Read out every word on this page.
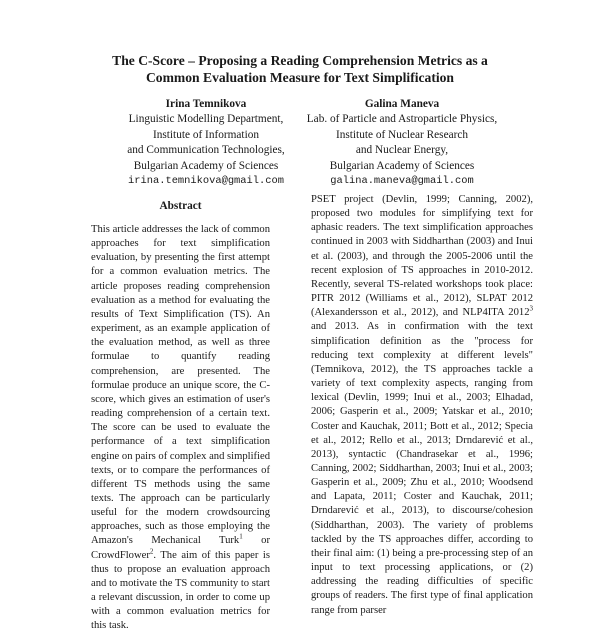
The C-Score – Proposing a Reading Comprehension Metrics as a
Common Evaluation Measure for Text Simplification
Irina Temnikova
Linguistic Modelling Department,
Institute of Information
and Communication Technologies,
Bulgarian Academy of Sciences
irina.temnikova@gmail.com
Galina Maneva
Lab. of Particle and Astroparticle Physics,
Institute of Nuclear Research
and Nuclear Energy,
Bulgarian Academy of Sciences
galina.maneva@gmail.com
Abstract

This article addresses the lack of common approaches for text simplification evaluation, by presenting the first attempt for a common evaluation metrics. The article proposes reading comprehension evaluation as a method for evaluating the results of Text Simplification (TS). An experiment, as an example application of the evaluation method, as well as three formulae to quantify reading comprehension, are presented. The formulae produce an unique score, the C-score, which gives an estimation of user's reading comprehension of a certain text. The score can be used to evaluate the performance of a text simplification engine on pairs of complex and simplified texts, or to compare the performances of different TS methods using the same texts. The approach can be particularly useful for the modern crowdsourcing approaches, such as those employing the Amazon's Mechanical Turk$^1$ or CrowdFlower$^2$. The aim of this paper is thus to propose an evaluation approach and to motivate the TS community to start a relevant discussion, in order to come up with a common evaluation metrics for this task.

PSET project (Devlin, 1999; Canning, 2002), proposed two modules for simplifying text for aphasic readers. The text simplification approaches continued in 2003 with Siddharthan (2003) and Inui et al. (2003), and through the 2005-2006 until the recent explosion of TS approaches in 2010-2012. Recently, several TS-related workshops took place: PITR 2012 (Williams et al., 2012), SLPAT 2012 (Alexandersson et al., 2012), and NLP4ITA 2012$^3$ and 2013. As in confirmation with the text simplification definition as the "process for reducing text complexity at different levels" (Temnikova, 2012), the TS approaches tackle a variety of text complexity aspects, ranging from lexical (Devlin, 1999; Inui et al., 2003; Elhadad, 2006; Gasperin et al., 2009; Yatskar et al., 2010; Coster and Kauchak, 2011; Bott et al., 2012; Specia et al., 2012; Rello et al., 2013; Drndarević et al., 2013), syntactic (Chandrasekar et al., 1996; Canning, 2002; Siddharthan, 2003; Inui et al., 2003; Gasperin et al., 2009; Zhu et al., 2010; Woodsend and Lapata, 2011; Coster and Kauchak, 2011; Drndarević et al., 2013), to discourse/cohesion (Siddharthan, 2003). The variety of problems tackled by the TS approaches differ, according to their final aim: (1) being a pre-processing step of an input to text processing applications, or (2) addressing the reading difficulties of specific groups of readers. The first type of final application range from parser
